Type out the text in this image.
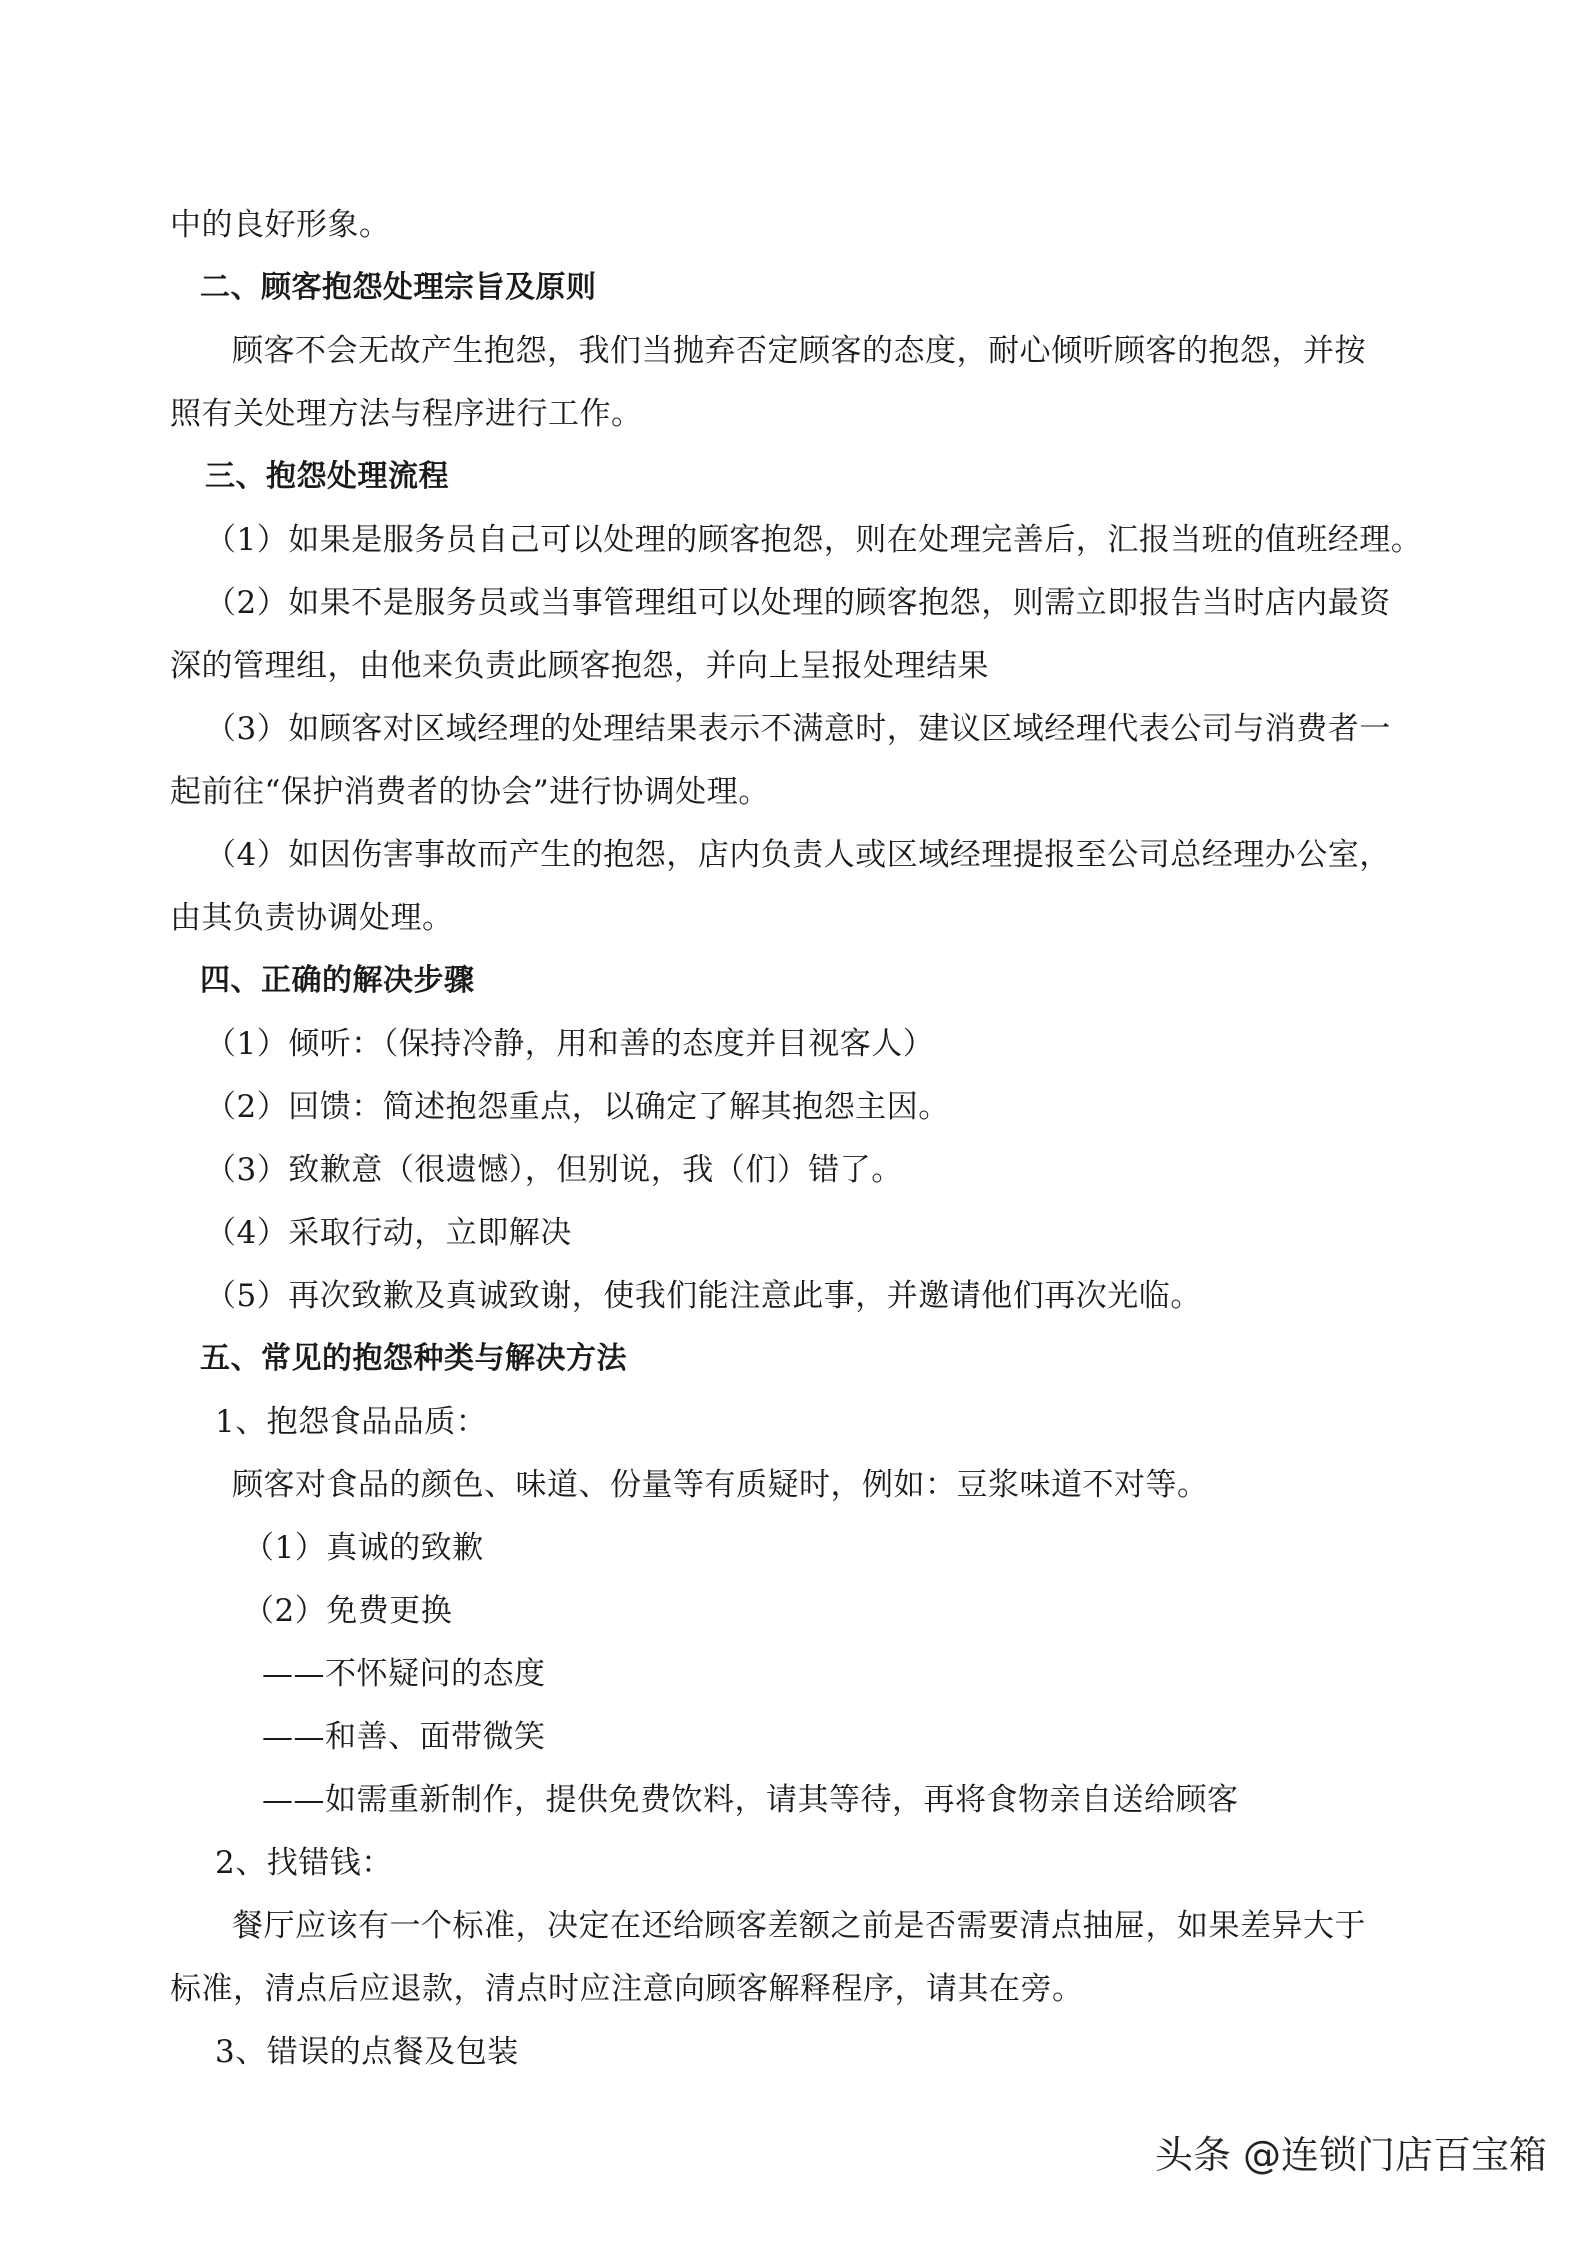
中的良好形象。
二、顾客抱怨处理宗旨及原则
顾客不会无故产生抱怨，我们当抛弃否定顾客的态度，耐心倾听顾客的抱怨，并按
照有关处理方法与程序进行工作。
三、抱怨处理流程
（1）如果是服务员自己可以处理的顾客抱怨，则在处理完善后，汇报当班的值班经理。
（2）如果不是服务员或当事管理组可以处理的顾客抱怨，则需立即报告当时店内最资
深的管理组，由他来负责此顾客抱怨，并向上呈报处理结果
（3）如顾客对区域经理的处理结果表示不满意时，建议区域经理代表公司与消费者一
起前往“保护消费者的协会”进行协调处理。
（4）如因伤害事故而产生的抱怨，店内负责人或区域经理提报至公司总经理办公室，
由其负责协调处理。
四、正确的解决步骤
（1）倾听：（保持冷静，用和善的态度并目视客人）
（2）回馈：简述抱怨重点，以确定了解其抱怨主因。
（3）致歉意（很遗憾），但别说，我（们）错了。
（4）采取行动，立即解决
（5）再次致歉及真诚致谢，使我们能注意此事，并邀请他们再次光临。
五、常见的抱怨种类与解决方法
1、抱怨食品品质：
顾客对食品的颜色、味道、份量等有质疑时，例如：豆浆味道不对等。
（1）真诚的致歉
（2）免费更换
——不怀疑问的态度
——和善、面带微笑
——如需重新制作，提供免费饮料，请其等待，再将食物亲自送给顾客
2、找错钱：
餐厅应该有一个标准，决定在还给顾客差额之前是否需要清点抽屉，如果差异大于
标准，清点后应退款，清点时应注意向顾客解释程序，请其在旁。
3、错误的点餐及包装
头条 @连锁门店百宝箱
